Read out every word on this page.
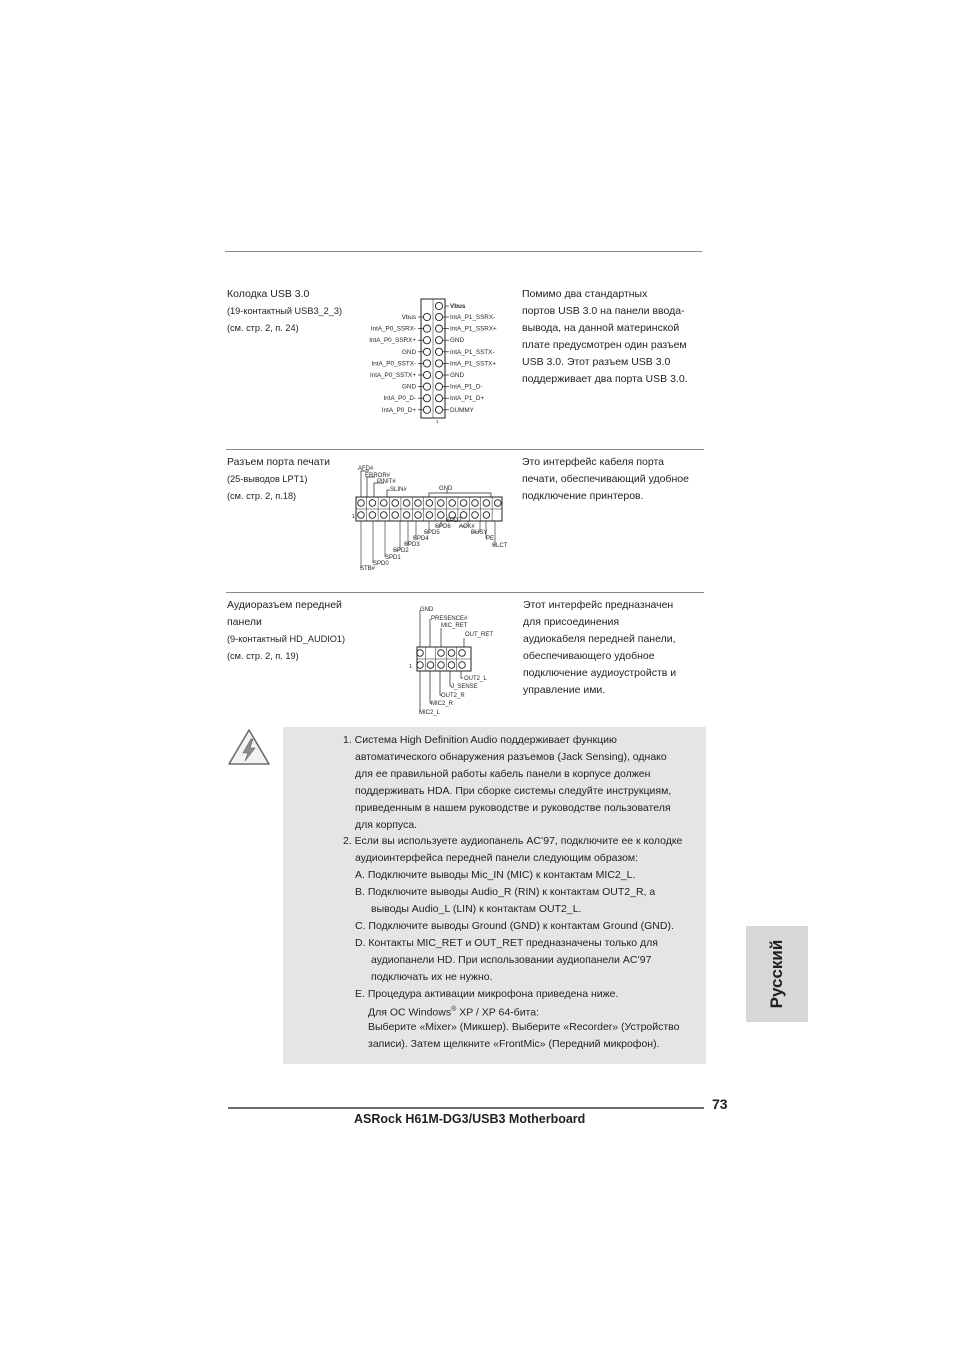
Колодка USB 3.0
(19-контактный USB3_2_3)
(см. стр. 2, п. 24)
Помимо два стандартных
портов USB 3.0 на панели ввода-
вывода, на данной материнской
плате предусмотрен один разъем
USB 3.0. Этот разъем USB 3.0
поддерживает два порта USB 3.0.
Vbus
Vbus	IntA_P1_SSRX-
IntA_P0_SSRX-	IntA_P1_SSRX+
IntA_P0_SSRX+	GND
GND	IntA_P1_SSTX-
IntA_P0_SSTX-	IntA_P1_SSTX+
IntA_P0_SSTX+	GND
GND	IntA_P1_D-
IntA_P0_D-	IntA_P1_D+
IntA_P0_D+	DUMMY
1
Разъем порта печати
(25-выводов LPT1)
(см. стр. 2, п.18)
Это интерфейс кабеля порта
печати, обеспечивающий удобное
подключение принтеров.
1
AFD#
ERROR#
PINIT#
SLIN#	GND
SPD7
SPD6 ACK#
SPD5	BUSY
SPD4	PE
SPD3	SLCT
SPD2
SPD1
SPD0
STB#
Аудиоразъем передней
панели
(9-контактный HD_AUDIO1)
(см. стр. 2, п. 19)
Этот интерфейс предназначен
для присоединения
аудиокабеля передней панели,
обеспечивающего удобное
подключение аудиоустройств и
управление ими.
1
GND
PRESENCE#
MIC_RET
OUT_RET
OUT2_L
J_SENSE
OUT2_R
MIC2_R
MIC2_L
1. Система High Definition Audio поддерживает функцию
автоматического обнаружения разъемов (Jack Sensing), однако
для ее правильной работы кабель панели в корпусе должен
поддерживать HDA. При сборке системы следуйте инструкциям,
приведенным в нашем руководстве и руководстве пользователя
для корпуса.
2. Если вы используете аудиопанель AC’97, подключите ее к колодке
аудиоинтерфейса передней панели следующим образом:
A. Подключите выводы Mic_IN (MIC) к контактам MIC2_L.
B. Подключите выводы Audio_R (RIN) к контактам OUT2_R, а
выводы Audio_L (LIN) к контактам OUT2_L.
C. Подключите выводы Ground (GND) к контактам Ground (GND).
D. Контакты MIC_RET и OUT_RET предназначены только для
аудиопанели HD. При использовании аудиопанели AC’97
подключать их не нужно.
E. Процедура активации микрофона приведена ниже.
Для ОС Windows® XP / XP 64-бита:
Выберите «Mixer» (Микшер). Выберите «Recorder» (Устройство
записи). Затем щелкните «FrontMic» (Передний микрофон).
Русский
73
ASRock H61M-DG3/USB3 Motherboard
